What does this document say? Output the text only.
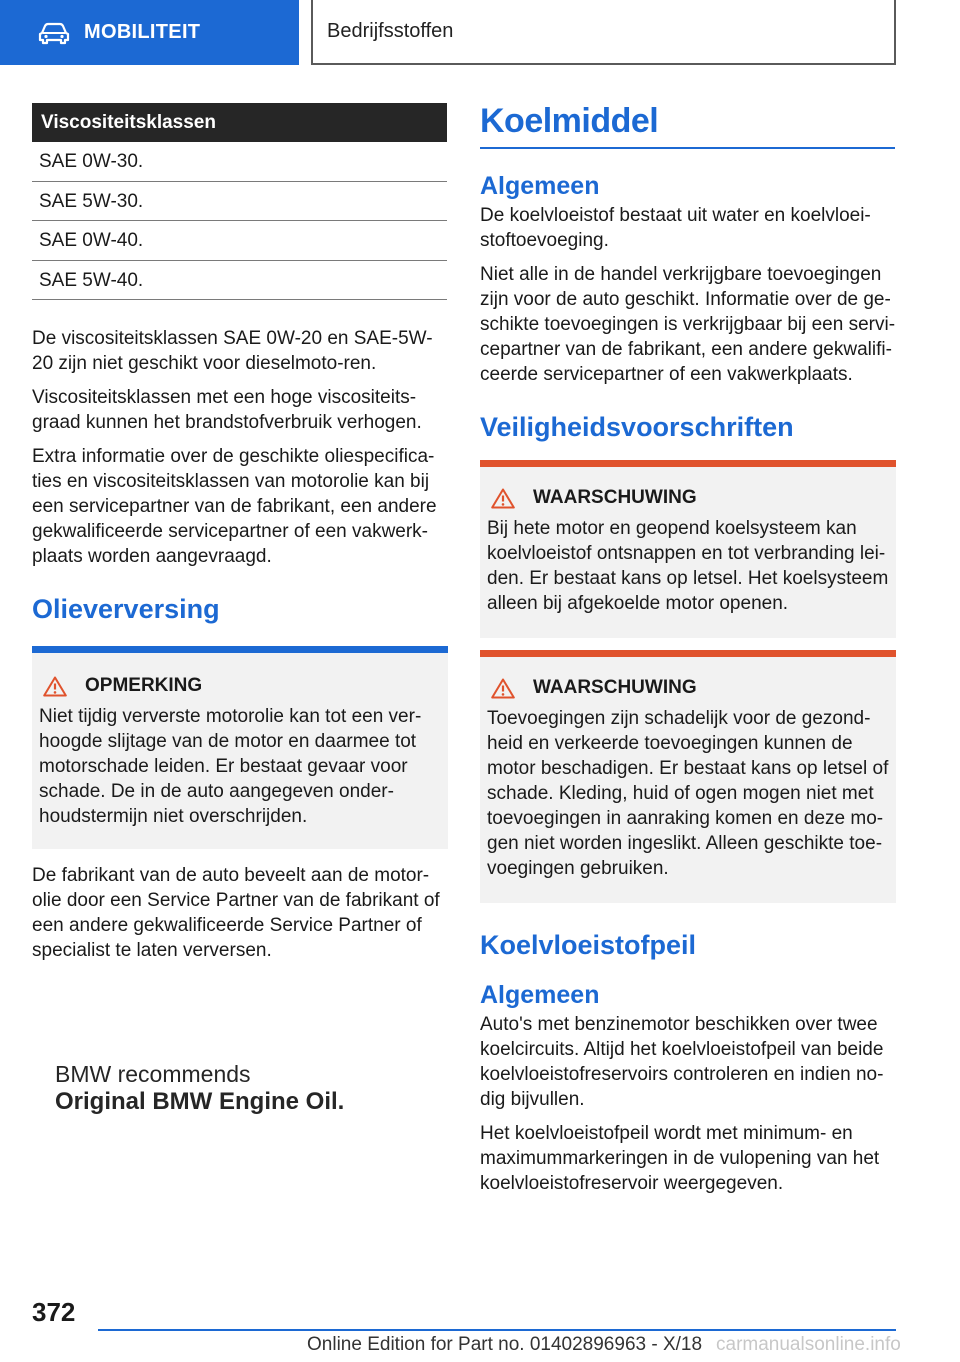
MOBILITEIT	Bedrijfsstoffen
Viscositeitsklassen
SAE 0W-30.
SAE 5W-30.
SAE 0W-40.
SAE 5W-40.

De viscositeitsklassen SAE 0W-20 en SAE-5W-20 zijn niet geschikt voor dieselmoto-ren.

Viscositeitsklassen met een hoge viscositeits-graad kunnen het brandstofverbruik verhogen.

Extra informatie over de geschikte oliespecifica-ties en viscositeitsklassen van motorolie kan bij een servicepartner van de fabrikant, een andere gekwalificeerde servicepartner of een vakwerk-plaats worden aangevraagd.

Olieverversing
OPMERKING

Niet tijdig ververste motorolie kan tot een ver-hoogde slijtage van de motor en daarmee tot motorschade leiden. Er bestaat gevaar voor schade. De in de auto aangegeven onder-houdstermijn niet overschrijden.

De fabrikant van de auto beveelt aan de motor-olie door een Service Partner van de fabrikant of een andere gekwalificeerde Service Partner of specialist te laten verversen.

BMW recommends
Original BMW Engine Oil.
Koelmiddel
Algemeen

De koelvloeistof bestaat uit water en koelvloei-stoftoevoeging.

Niet alle in de handel verkrijgbare toevoegingen zijn voor de auto geschikt. Informatie over de ge-schikte toevoegingen is verkrijgbaar bij een servi-cepartner van de fabrikant, een andere gekwalifi-ceerde servicepartner of een vakwerkplaats.

Veiligheidsvoorschriften
WAARSCHUWING

Bij hete motor en geopend koelsysteem kan koelvloeistof ontsnappen en tot verbranding lei-den. Er bestaat kans op letsel. Het koelsysteem alleen bij afgekoelde motor openen.

WAARSCHUWING

Toevoegingen zijn schadelijk voor de gezond-heid en verkeerde toevoegingen kunnen de motor beschadigen. Er bestaat kans op letsel of schade. Kleding, huid of ogen mogen niet met toevoegingen in aanraking komen en deze mo-gen niet worden ingeslikt. Alleen geschikte toe-voegingen gebruiken.

Koelvloeistofpeil
Algemeen

Auto's met benzinemotor beschikken over twee koelcircuits. Altijd het koelvloeistofpeil van beide koelvloeistofreservoirs controleren en indien no-dig bijvullen.

Het koelvloeistofpeil wordt met minimum- en maximummarkeringen in de vulopening van het koelvloeistofreservoir weergegeven.

372
Online Edition for Part no. 01402896963 - X/18 carmanualsonline.info
